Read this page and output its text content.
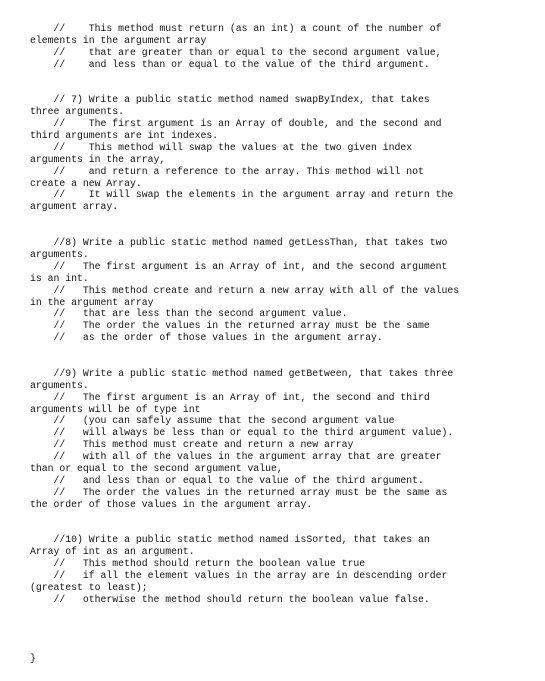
//    This method must return (as an int) a count of the number of
elements in the argument array
//    that are greater than or equal to the second argument value,
//    and less than or equal to the value of the third argument.
// 7) Write a public static method named swapByIndex, that takes
three arguments.
//    The first argument is an Array of double, and the second and
third arguments are int indexes.
//    This method will swap the values at the two given index
arguments in the array,
//    and return a reference to the array. This method will not
create a new Array.
//    It will swap the elements in the argument array and return the
argument array.
//8) Write a public static method named getLessThan, that takes two
arguments.
//   The first argument is an Array of int, and the second argument
is an int.
//   This method create and return a new array with all of the values
in the argument array
//   that are less than the second argument value.
//   The order the values in the returned array must be the same
//   as the order of those values in the argument array.
//9) Write a public static method named getBetween, that takes three
arguments.
//   The first argument is an Array of int, the second and third
arguments will be of type int
//   (you can safely assume that the second argument value
//   will always be less than or equal to the third argument value).
//   This method must create and return a new array
//   with all of the values in the argument array that are greater
than or equal to the second argument value,
//   and less than or equal to the value of the third argument.
//   The order the values in the returned array must be the same as
the order of those values in the argument array.
//10) Write a public static method named isSorted, that takes an
Array of int as an argument.
//   This method should return the boolean value true
//   if all the element values in the array are in descending order
(greatest to least);
//   otherwise the method should return the boolean value false.
}
